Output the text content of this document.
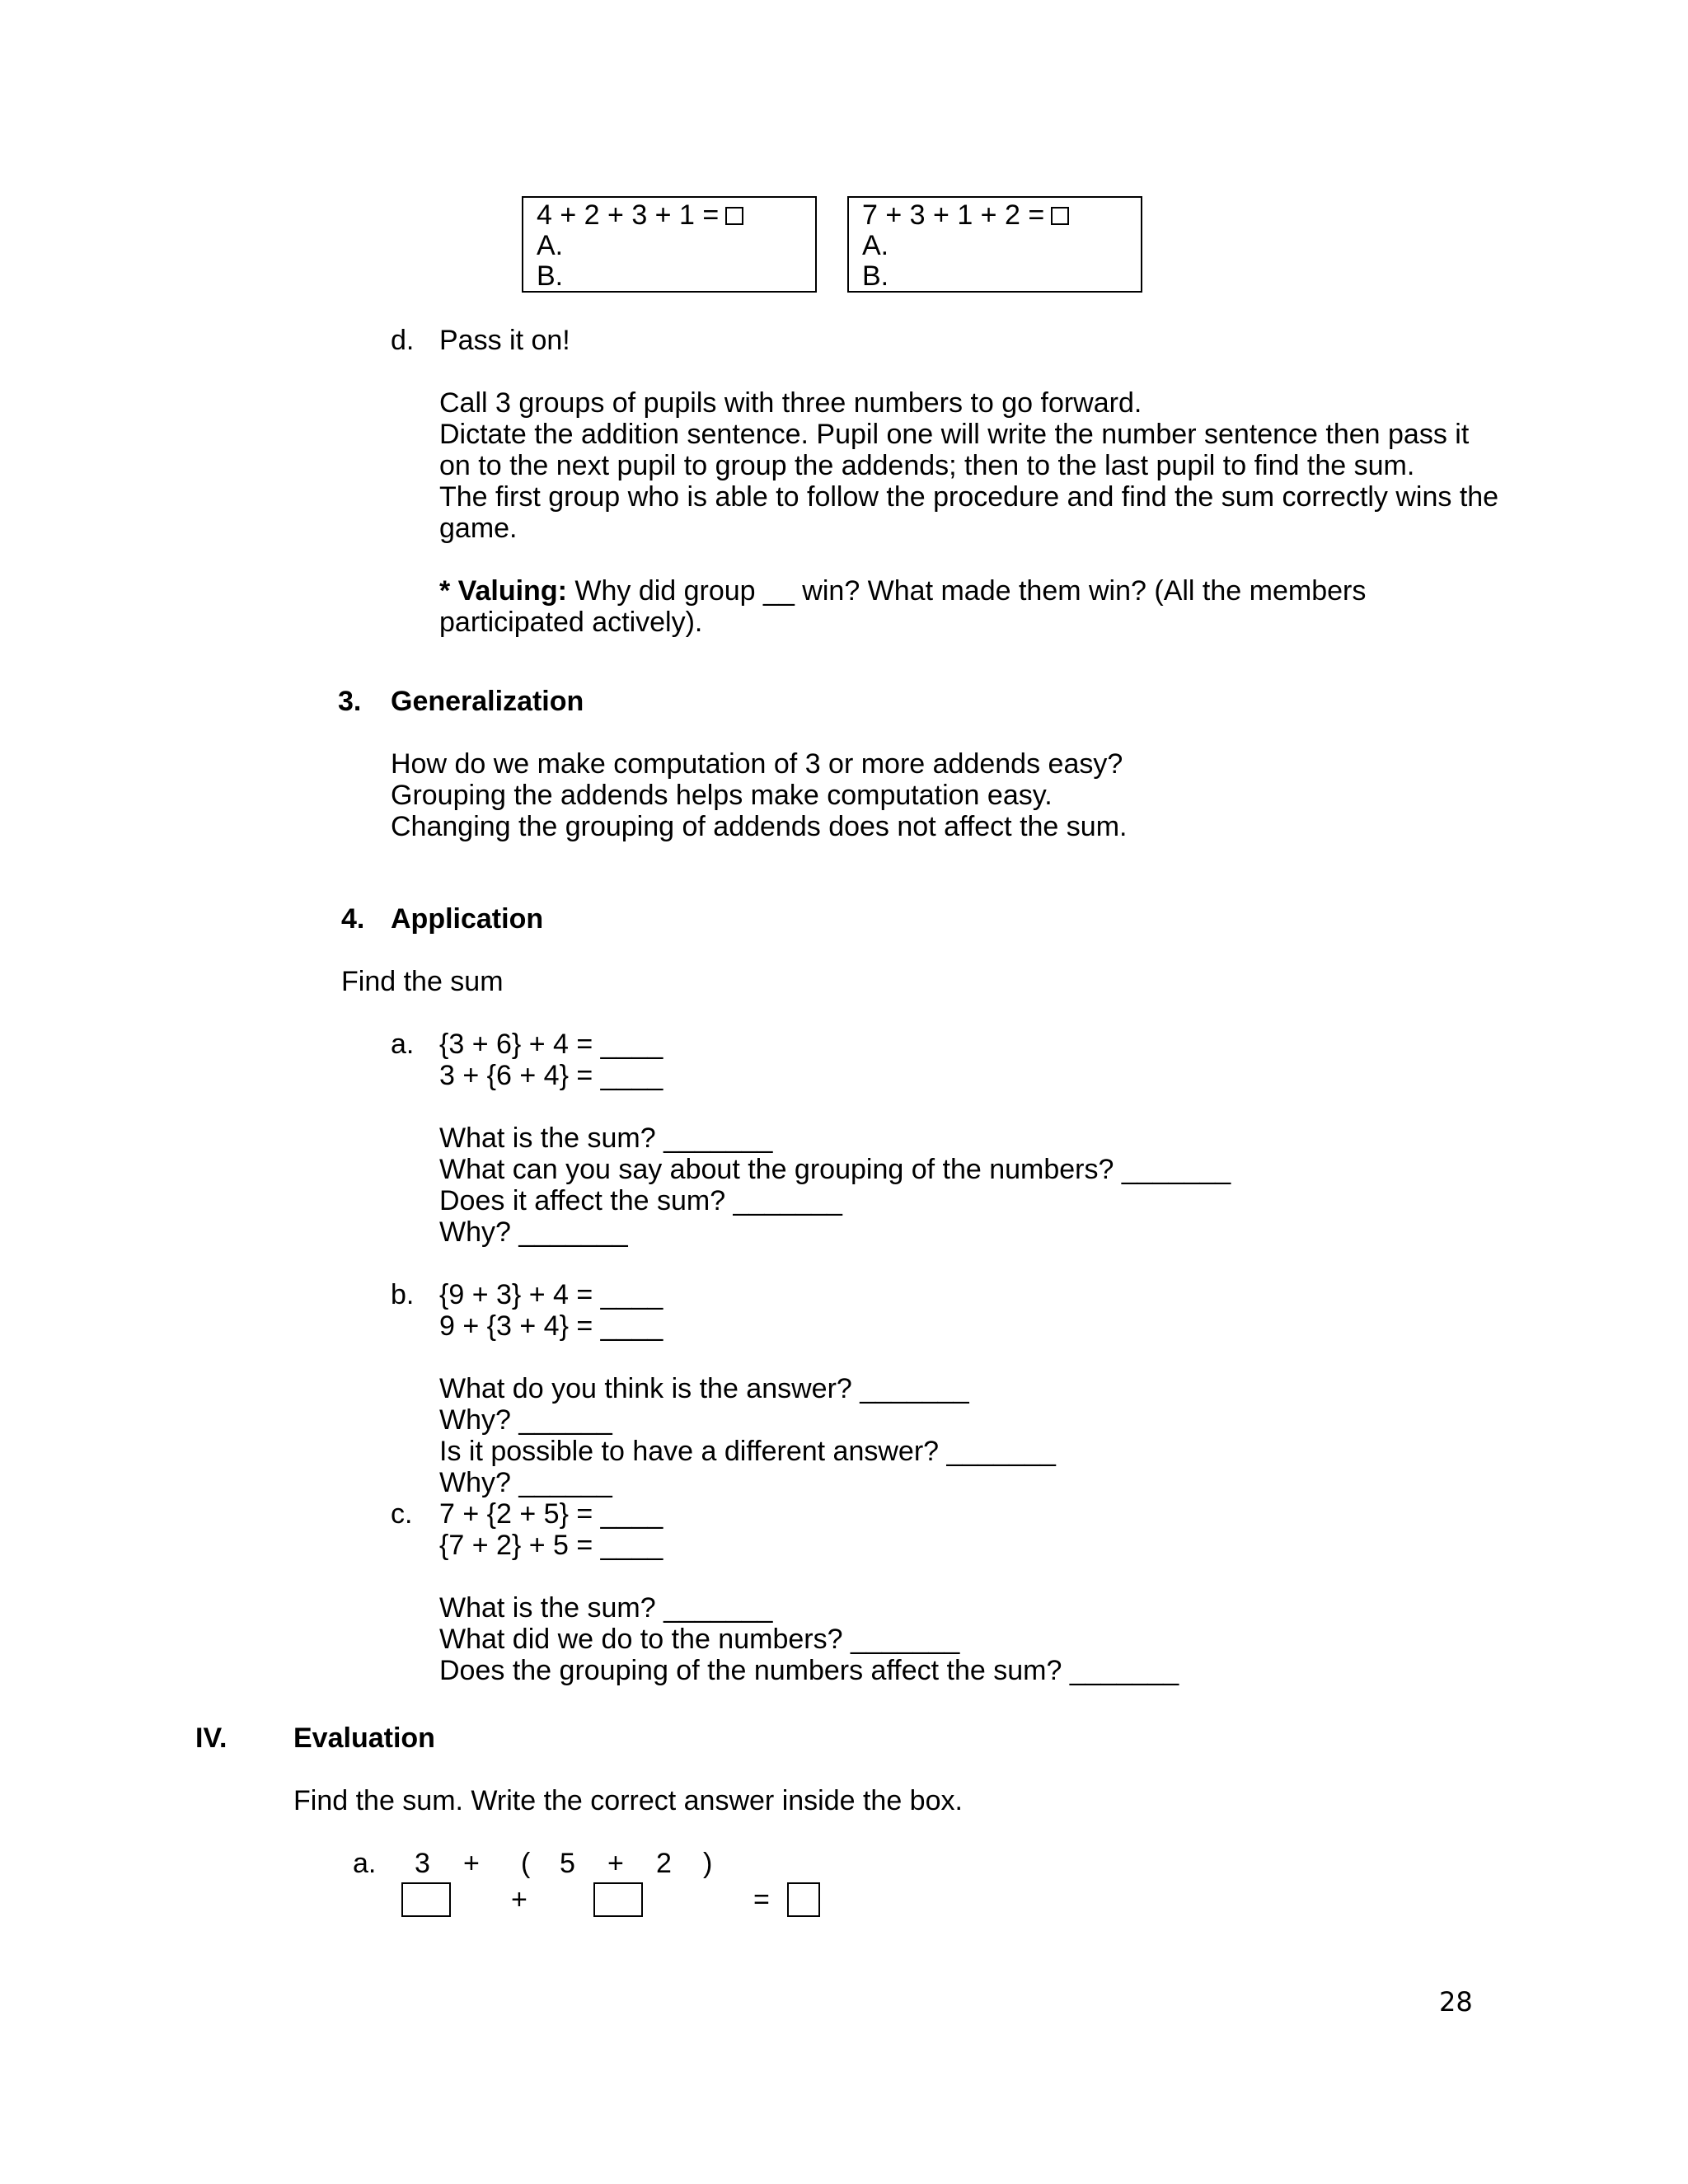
4 + 2 + 3 + 1 =
A.
B.
7 + 3 + 1 + 2 =
A.
B.
d. Pass it on!
Call 3 groups of pupils with three numbers to go forward.
Dictate the addition sentence. Pupil one will write the number sentence then pass it
on to the next pupil to group the addends; then to the last pupil to find the sum.
The first group who is able to follow the procedure and find the sum correctly wins the
game.
* Valuing: Why did group __ win? What made them win? (All the members
participated actively).
3. Generalization
How do we make computation of 3 or more addends easy?
Grouping the addends helps make computation easy.
Changing the grouping of addends does not affect the sum.
4. Application
Find the sum
a. {3 + 6} + 4 = ____
3 + {6 + 4} = ____
What is the sum? _______
What can you say about the grouping of the numbers? _______
Does it affect the sum? _______
Why? _______
b. {9 + 3} + 4 = ____
9 + {3 + 4} = ____
What do you think is the answer? _______
Why? ______
Is it possible to have a different answer? _______
Why? ______
c. 7 + {2 + 5} = ____
{7 + 2} + 5 = ____
What is the sum? _______
What did we do to the numbers? _______
Does the grouping of the numbers affect the sum? _______
IV. Evaluation
Find the sum. Write the correct answer inside the box.
a. 3 + ( 5 + 2 )
+	=
28
